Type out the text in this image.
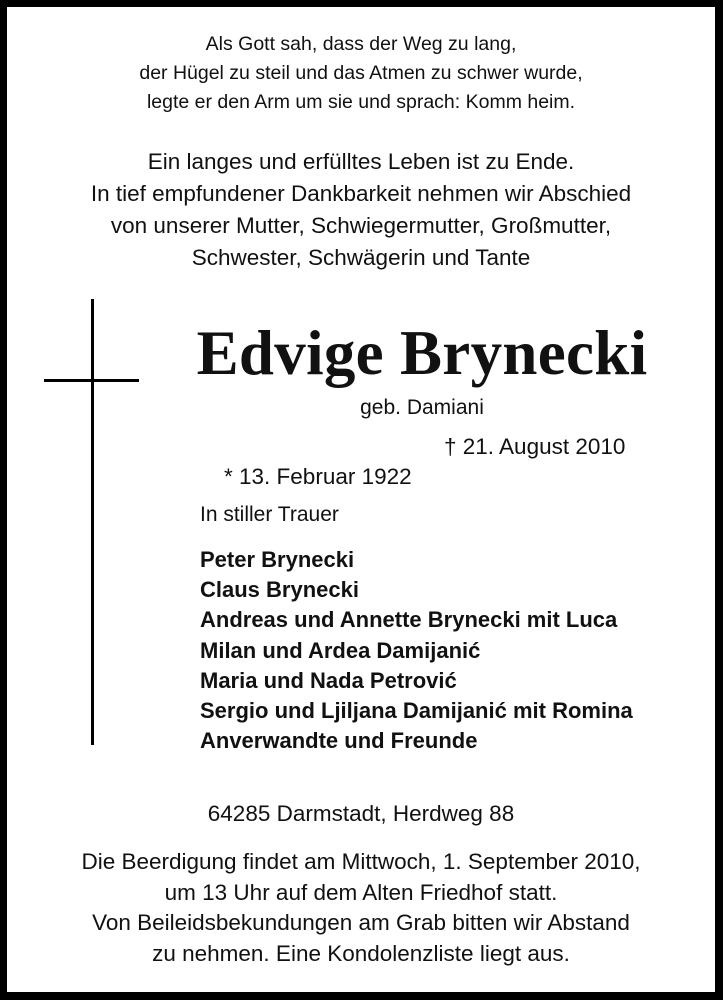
Als Gott sah, dass der Weg zu lang,
der Hügel zu steil und das Atmen zu schwer wurde,
legte er den Arm um sie und sprach: Komm heim.
Ein langes und erfülltes Leben ist zu Ende.
In tief empfundener Dankbarkeit nehmen wir Abschied
von unserer Mutter, Schwiegermutter, Großmutter,
Schwester, Schwägerin und Tante
Edvige Brynecki
geb. Damiani

* 13. Februar 1922

† 21. August 2010

In stiller Trauer
Peter Brynecki
Claus Brynecki
Andreas und Annette Brynecki mit Luca
Milan und Ardea Damijanić
Maria und Nada Petrović
Sergio und Ljiljana Damijanić mit Romina
Anverwandte und Freunde
64285 Darmstadt, Herdweg 88
Die Beerdigung findet am Mittwoch, 1. September 2010,
um 13 Uhr auf dem Alten Friedhof statt.
Von Beileidsbekundungen am Grab bitten wir Abstand
zu nehmen. Eine Kondolenzliste liegt aus.
